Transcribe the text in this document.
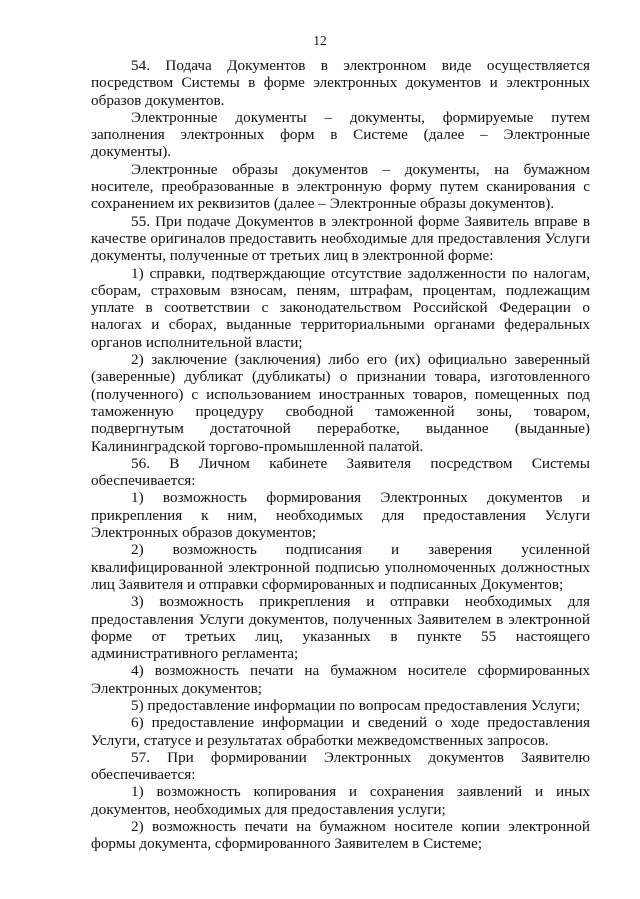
12

54. Подача Документов в электронном виде осуществляется посредством Системы в форме электронных документов и электронных образов документов.

Электронные документы – документы, формируемые путем заполнения электронных форм в Системе (далее – Электронные документы).

Электронные образы документов – документы, на бумажном носителе, преобразованные в электронную форму путем сканирования с сохранением их реквизитов (далее – Электронные образы документов).

55. При подаче Документов в электронной форме Заявитель вправе в качестве оригиналов предоставить необходимые для предоставления Услуги документы, полученные от третьих лиц в электронной форме:

1) справки, подтверждающие отсутствие задолженности по налогам, сборам, страховым взносам, пеням, штрафам, процентам, подлежащим уплате в соответствии с законодательством Российской Федерации о налогах и сборах, выданные территориальными органами федеральных органов исполнительной власти;

2) заключение (заключения) либо его (их) официально заверенный (заверенные) дубликат (дубликаты) о признании товара, изготовленного (полученного) с использованием иностранных товаров, помещенных под таможенную процедуру свободной таможенной зоны, товаром, подвергнутым достаточной переработке, выданное (выданные) Калининградской торгово-промышленной палатой.

56. В Личном кабинете Заявителя посредством Системы обеспечивается:

1) возможность формирования Электронных документов и прикрепления к ним, необходимых для предоставления Услуги Электронных образов документов;

2) возможность подписания и заверения усиленной квалифицированной электронной подписью уполномоченных должностных лиц Заявителя и отправки сформированных и подписанных Документов;

3) возможность прикрепления и отправки необходимых для предоставления Услуги документов, полученных Заявителем в электронной форме от третьих лиц, указанных в пункте 55 настоящего административного регламента;

4) возможность печати на бумажном носителе сформированных Электронных документов;

5) предоставление информации по вопросам предоставления Услуги;

6) предоставление информации и сведений о ходе предоставления Услуги, статусе и результатах обработки межведомственных запросов.

57. При формировании Электронных документов Заявителю обеспечивается:

1) возможность копирования и сохранения заявлений и иных документов, необходимых для предоставления услуги;

2) возможность печати на бумажном носителе копии электронной формы документа, сформированного Заявителем в Системе;
